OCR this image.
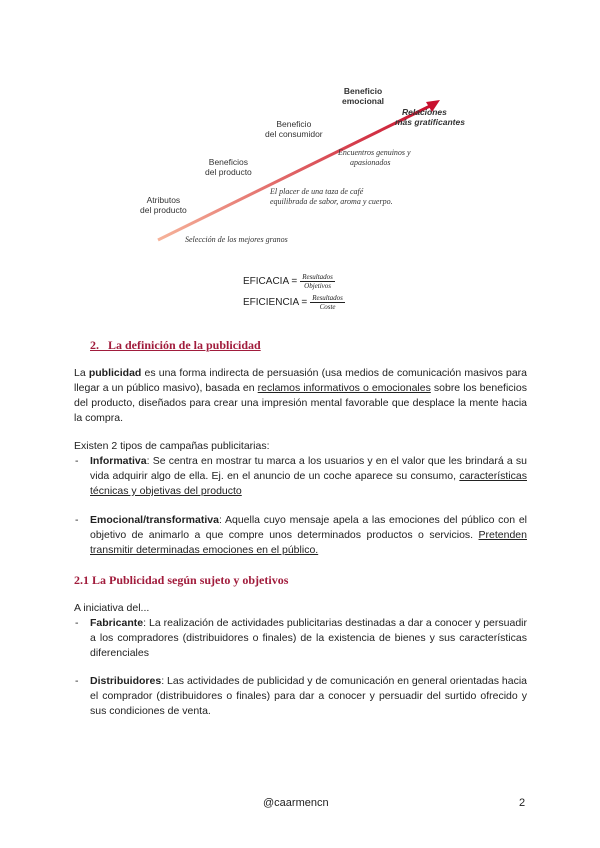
Atributos
del producto
Beneficios
del producto
Beneficio
del consumidor
Beneficio
emocional
Selección de los mejores granos
El placer de una taza de café
equilibrada de sabor, aroma y cuerpo.
Encuentros genuinos y
apasionados
Relaciones
más gratificantes
EFICACIA = $\frac{\text{Resultados}}{\text{Objetivos}}$
EFICIENCIA = $\frac{\text{Resultados}}{\text{Coste}}$
2.   La definición de la publicidad
La publicidad es una forma indirecta de persuasión (usa medios de comunicación masivos para llegar a un público masivo), basada en reclamos informativos o emocionales sobre los beneficios del producto, diseñados para crear una impresión mental favorable que desplace la mente hacia la compra.
Existen 2 tipos de campañas publicitarias:
- Informativa: Se centra en mostrar tu marca a los usuarios y en el valor que les brindará a su vida adquirir algo de ella. Ej. en el anuncio de un coche aparece su consumo, características técnicas y objetivas del producto
- Emocional/transformativa: Aquella cuyo mensaje apela a las emociones del público con el objetivo de animarlo a que compre unos determinados productos o servicios. Pretenden transmitir determinadas emociones en el público.
2.1 La Publicidad según sujeto y objetivos
A iniciativa del...
- Fabricante: La realización de actividades publicitarias destinadas a dar a conocer y persuadir a los compradores (distribuidores o finales) de la existencia de bienes y sus características diferenciales
- Distribuidores: Las actividades de publicidad y de comunicación en general orientadas hacia el comprador (distribuidores o finales) para dar a conocer y persuadir del surtido ofrecido y sus condiciones de venta.
@caarmencn	2
